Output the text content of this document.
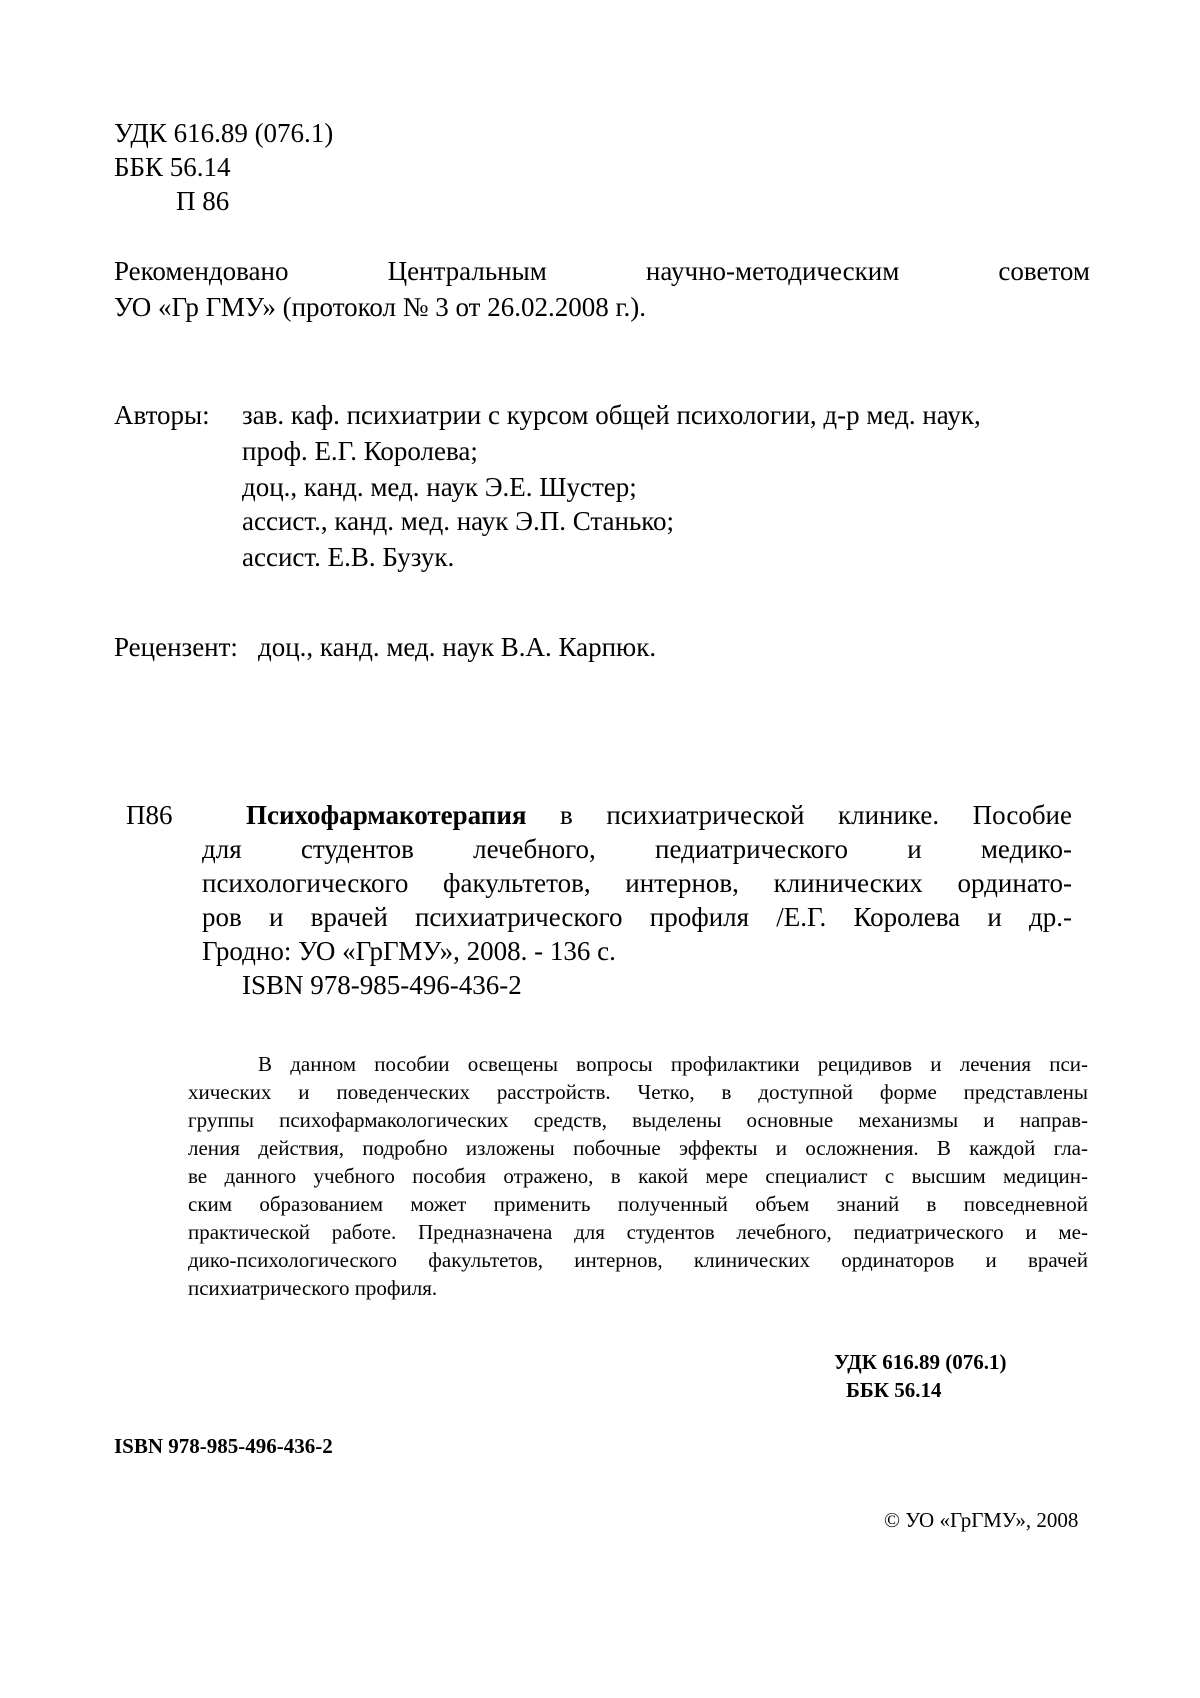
УДК 616.89 (076.1)
ББК 56.14
П 86
Рекомендовано Центральным научно-методическим советом
УО «Гр ГМУ» (протокол № 3 от 26.02.2008 г.).
Авторы: зав. каф. психиатрии с курсом общей психологии, д-р мед. наук,
проф. Е.Г. Королева;
доц., канд. мед. наук Э.Е. Шустер;
ассист., канд. мед. наук Э.П. Станько;
ассист. Е.В. Бузук.
Рецензент: доц., канд. мед. наук В.А. Карпюк.
П86	Психофармакотерапия в психиатрической клинике. Пособие
для студентов лечебного, педиатрического и медико-
психологического факультетов, интернов, клинических ординато-
ров и врачей психиатрического профиля /Е.Г. Королева и др.-
Гродно: УО «ГрГМУ», 2008. - 136 с.
ISBN 978-985-496-436-2
В данном пособии освещены вопросы профилактики рецидивов и лечения пси-
хических и поведенческих расстройств. Четко, в доступной форме представлены
группы психофармакологических средств, выделены основные механизмы и направ-
ления действия, подробно изложены побочные эффекты и осложнения. В каждой гла-
ве данного учебного пособия отражено, в какой мере специалист с высшим медицин-
ским образованием может применить полученный объем знаний в повседневной
практической работе. Предназначена для студентов лечебного, педиатрического и ме-
дико-психологического факультетов, интернов, клинических ординаторов и врачей
психиатрического профиля.
УДК 616.89 (076.1)
ББК 56.14
ISBN 978-985-496-436-2
© УО «ГрГМУ», 2008
